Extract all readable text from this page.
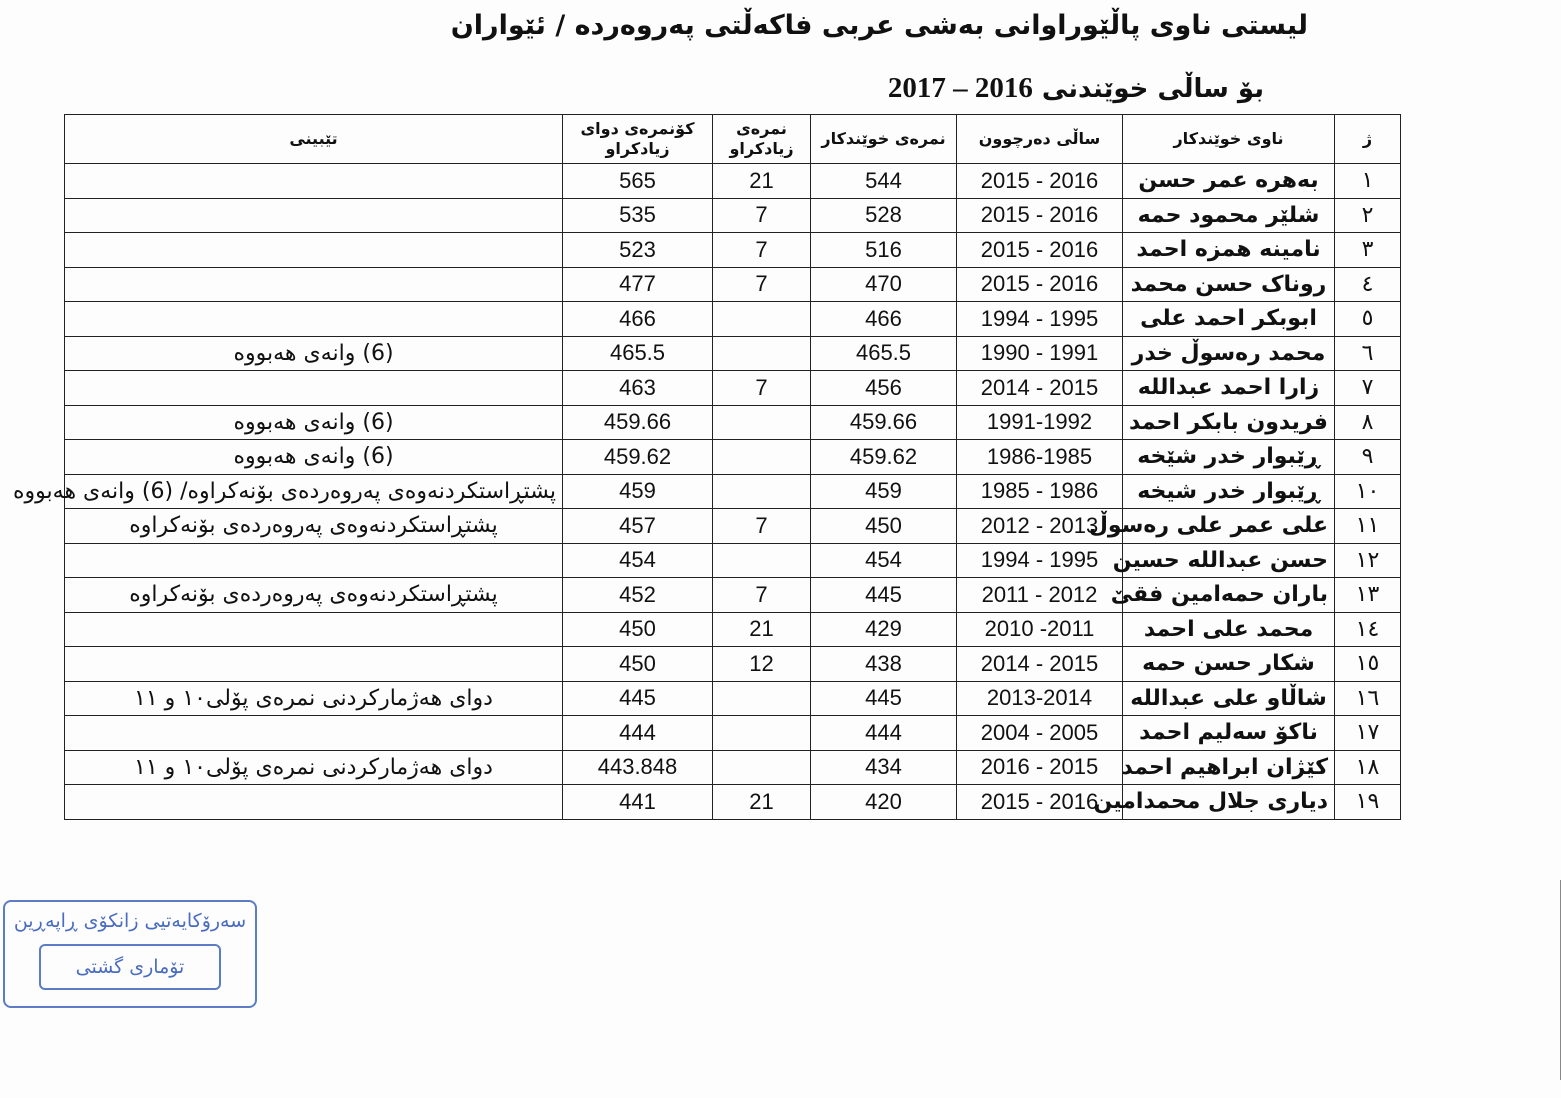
لیستی ناوی پاڵێوراوانی بەشی عربی فاکەڵتی پەروەردە / ئێواران
بۆ ساڵی خوێندنی 2016 – 2017
ژ	ناوی خوێندکار	ساڵی دەرچوون	نمرەی خوێندکار	نمرەی زیادکراو	کۆنمرەی دوای زیادکراو	تێبینی
١	بەهرە عمر حسن	2016 - 2015	544	21	565	
٢	شلێر محمود حمه	2016 - 2015	528	7	535	
٣	نامینه همزه احمد	2016 - 2015	516	7	523	
٤	روناک حسن محمد	2016 - 2015	470	7	477	
٥	ابوبکر احمد علی	1995 - 1994	466		466	
٦	محمد رەسوڵ خدر	1991 - 1990	465.5		465.5	(6) وانەی هەبووە
٧	زارا احمد عبدالله	2015 - 2014	456	7	463	
٨	فریدون بابکر احمد	1991-1992	459.66		459.66	(6) وانەی هەبووە
٩	ڕێبوار خدر شێخە	1986-1985	459.62		459.62	(6) وانەی هەبووە
١٠	ڕێبوار خدر شیخه	1986 - 1985	459		459	پشتڕاستکردنەوەی پەروەردەی بۆنەکراوە/ (6) وانەی هەبووە
١١	علی عمر علی رەسوڵ	2013 - 2012	450	7	457	پشتڕاستکردنەوەی پەروەردەی بۆنەکراوە
١٢	حسن عبدالله حسین	1995 - 1994	454		454	
١٣	باران حمەامین فقێ	2012 - 2011	445	7	452	پشتڕاستکردنەوەی پەروەردەی بۆنەکراوە
١٤	محمد علی احمد	2011- 2010	429	21	450	
١٥	شکار حسن حمه	2015 - 2014	438	12	450	
١٦	شاڵاو علی عبدالله	2013-2014	445		445	دوای هەژمارکردنی نمرەی پۆلی١٠ و ١١
١٧	ناکۆ سەلیم احمد	2005 - 2004	444		444	
١٨	کێژان ابراهیم احمد	2015 - 2016	434		443.848	دوای هەژمارکردنی نمرەی پۆلی١٠ و ١١
١٩	دیاری جلال محمدامین	2016 - 2015	420	21	441	
سەرۆکایەتیی زانکۆی ڕاپەڕین
تۆماری گشتی
